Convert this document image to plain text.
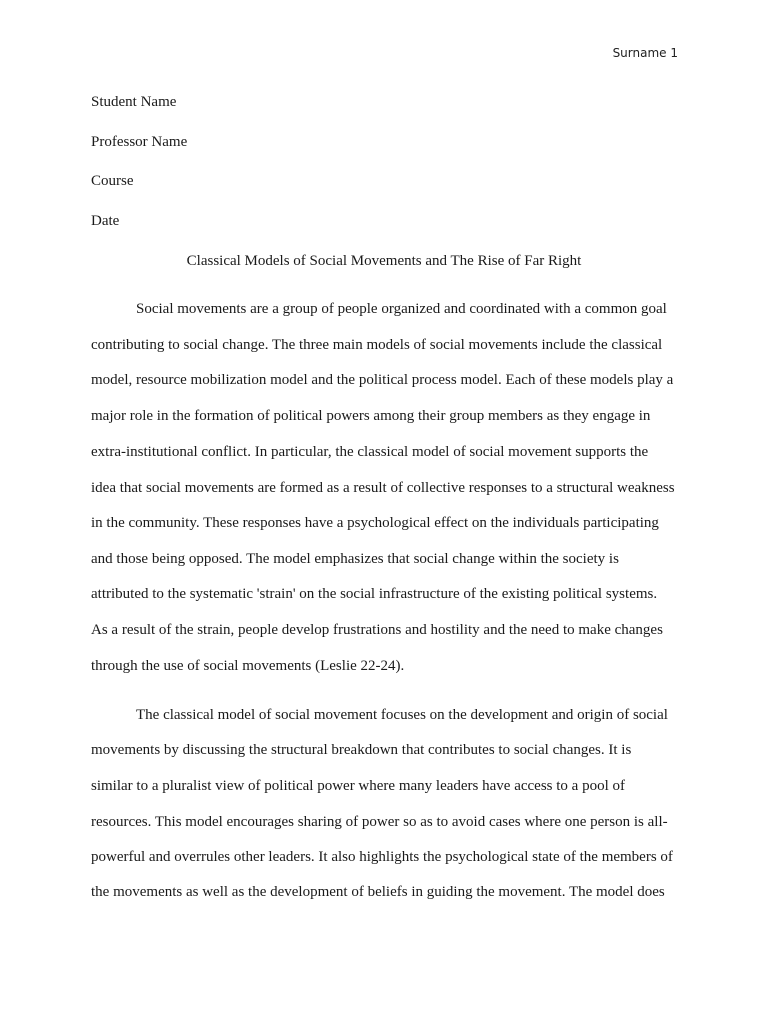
Surname 1
Student Name
Professor Name
Course
Date
Classical Models of Social Movements and The Rise of Far Right
Social movements are a group of people organized and coordinated with a common goal
contributing to social change. The three main models of social movements include the classical
model, resource mobilization model and the political process model. Each of these models play a
major role in the formation of political powers among their group members as they engage in
extra-institutional conflict. In particular, the classical model of social movement supports the
idea that social movements are formed as a result of collective responses to a structural weakness
in the community. These responses have a psychological effect on the individuals participating
and those being opposed. The model emphasizes that social change within the society is
attributed to the systematic 'strain' on the social infrastructure of the existing political systems.
As a result of the strain, people develop frustrations and hostility and the need to make changes
through the use of social movements (Leslie 22-24).
The classical model of social movement focuses on the development and origin of social
movements by discussing the structural breakdown that contributes to social changes. It is
similar to a pluralist view of political power where many leaders have access to a pool of
resources. This model encourages sharing of power so as to avoid cases where one person is all-
powerful and overrules other leaders. It also highlights the psychological state of the members of
the movements as well as the development of beliefs in guiding the movement. The model does
